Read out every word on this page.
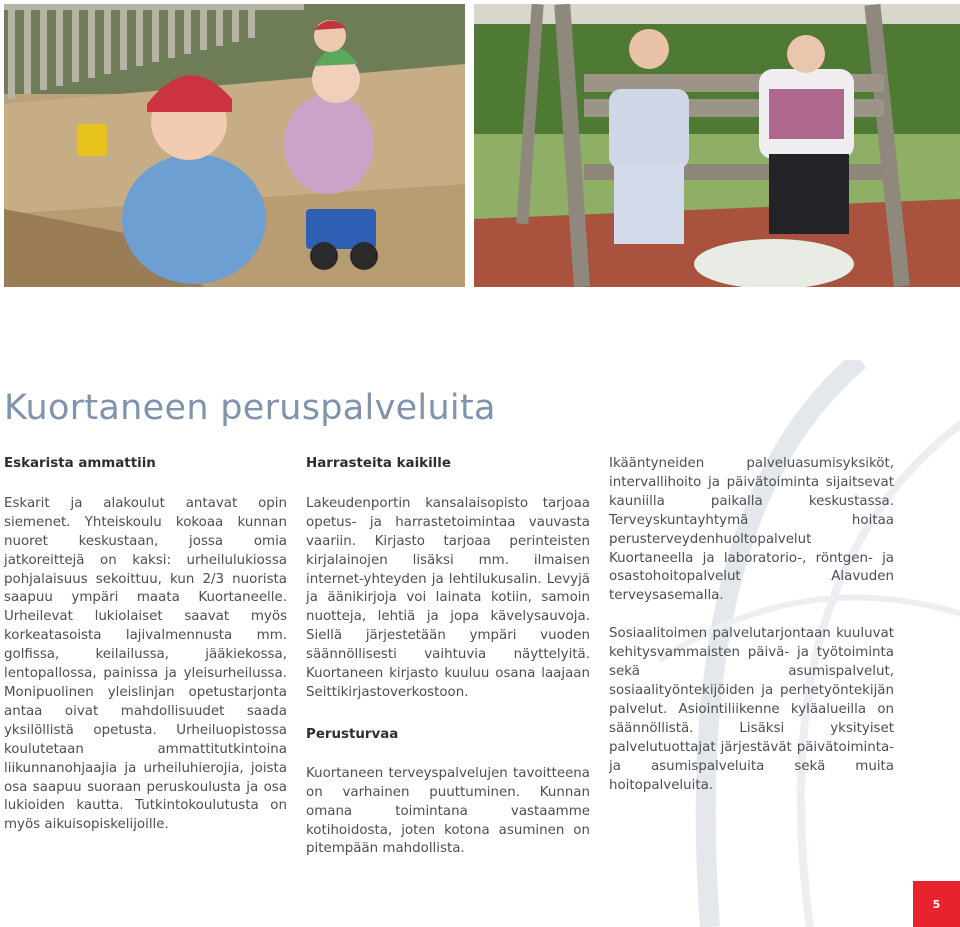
Kuortaneen peruspalveluita
Eskarista ammattiin

Eskarit ja alakoulut antavat opin siemenet. Yhteiskoulu kokoaa kunnan nuoret keskustaan, jossa omia jatkoreittejä on kaksi: urheilulukiossa pohjalaisuus sekoittuu, kun 2/3 nuorista saapuu ympäri maata Kuortaneelle. Urheilevat lukiolaiset saavat myös korkeatasoista lajivalmennusta mm. golfissa, keilailussa, jääkiekossa, lentopallossa, painissa ja yleisurheilussa. Monipuolinen yleislinjan opetustarjonta antaa oivat mahdollisuudet saada yksilöllistä opetusta. Urheiluopistossa koulutetaan ammattitutkintoina liikunnanohjaajia ja urheiluhierojia, joista osa saapuu suoraan peruskoulusta ja osa lukioiden kautta. Tutkintokoulutusta on myös aikuisopiskelijoille.

Harrasteita kaikille

Lakeudenportin kansalaisopisto tarjoaa opetus- ja harrastetoimintaa vauvasta vaariin. Kirjasto tarjoaa perinteisten kirjalainojen lisäksi mm. ilmaisen internet-yhteyden ja lehtilukusalin. Levyjä ja äänikirjoja voi lainata kotiin, samoin nuotteja, lehtiä ja jopa kävelysauvoja. Siellä järjestetään ympäri vuoden säännöllisesti vaihtuvia näyttelyitä. Kuortaneen kirjasto kuuluu osana laajaan Seittikirjastoverkostoon.

Perusturvaa

Kuortaneen terveyspalvelujen tavoitteena on varhainen puuttuminen. Kunnan omana toimintana vastaamme kotihoidosta, joten kotona asuminen on pitempään mahdollista.

Ikääntyneiden palveluasumisyksiköt, intervallihoito ja päivätoiminta sijaitsevat kauniilla paikalla keskustassa. Terveyskuntayhtymä hoitaa perusterveydenhuoltopalvelut Kuortaneella ja laboratorio-, röntgen- ja osastohoitopalvelut Alavuden terveysasemalla.

Sosiaalitoimen palvelutarjontaan kuuluvat kehitysvammaisten päivä- ja työtoiminta sekä asumispalvelut, sosiaalityöntekijöiden ja perhetyöntekijän palvelut. Asiointiliikenne kyläalueilla on säännöllistä. Lisäksi yksityiset palvelutuottajat järjestävät päivätoiminta- ja asumispalveluita sekä muita hoitopalveluita.

5
